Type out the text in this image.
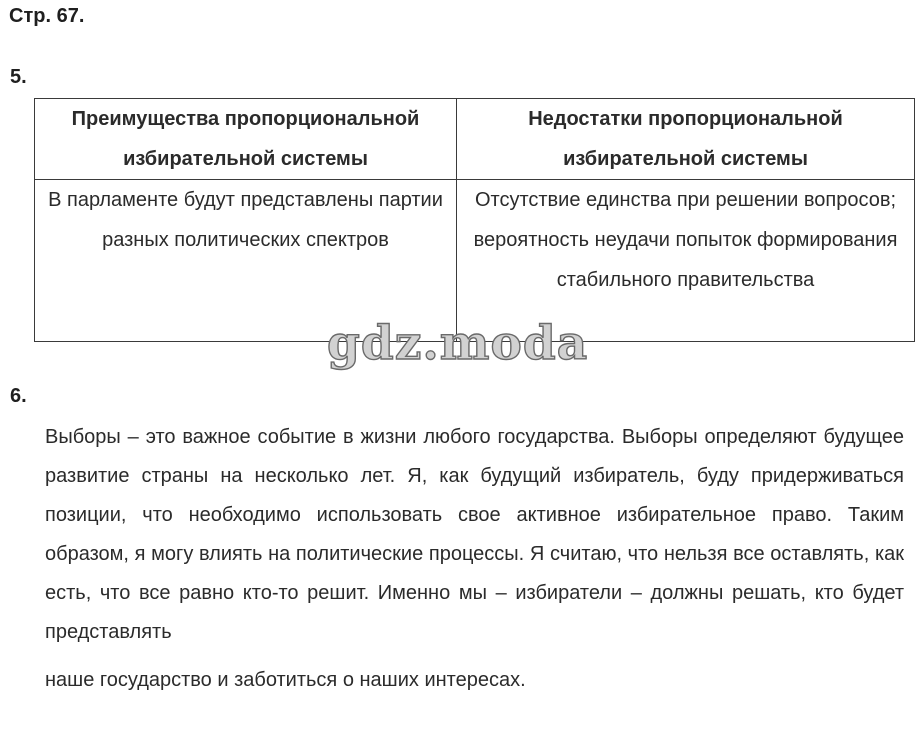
Стр. 67.
5.
Преимущества пропорциональной избирательной системы	Недостатки пропорциональной избирательной системы
В парламенте будут представлены партии разных политических спектров	Отсутствие единства при решении вопросов; вероятность неудачи попыток формирования стабильного правительства
gdz.moda
6.

Выборы – это важное событие в жизни любого государства. Выборы определяют будущее развитие страны на несколько лет. Я, как будущий избиратель, буду придерживаться позиции, что необходимо использовать свое активное избирательное право. Таким образом, я могу влиять на политические процессы. Я считаю, что нельзя все оставлять, как есть, что все равно кто-то решит. Именно мы – избиратели – должны решать, кто будет представлять

наше государство и заботиться о наших интересах.
